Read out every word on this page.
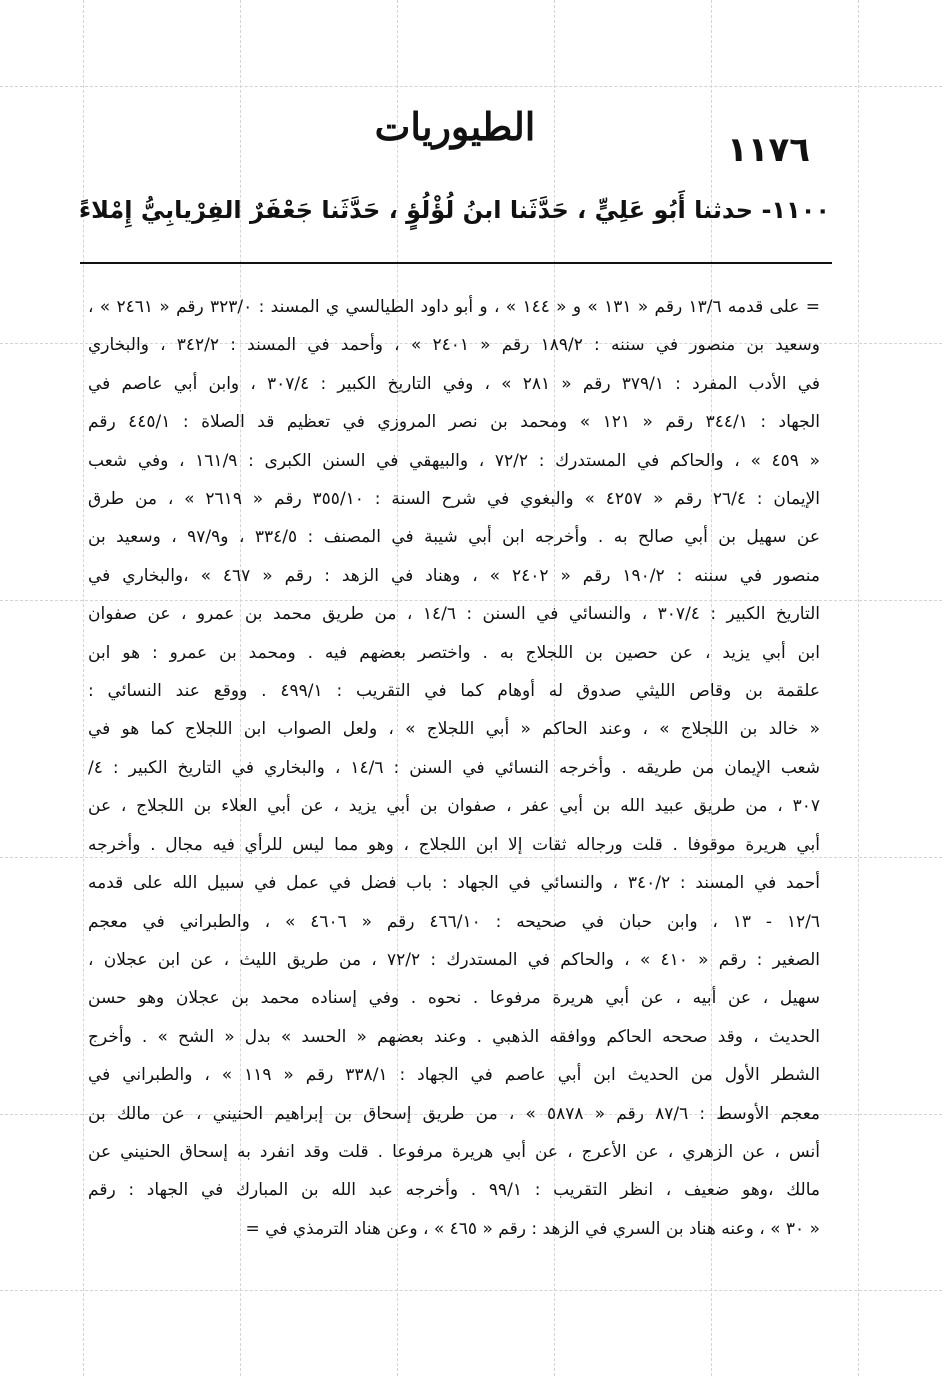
الطيوريات
١١٧٦
١١٠٠- حدثنا أَبُو عَلِيٍّ ، حَدَّثَنا ابنُ لُؤْلُؤٍ ، حَدَّثَنا جَعْفَرٌ الفِرْيابِيُّ إِمْلاءً
= على قدمه ١٣/٦ رقم « ١٣١ » و « ١٤٤ » ، و أبو داود الطيالسي ي المسند : ٣٢٣/٠ رقم « ٢٤٦١ » ،
وسعيد بن منصور في سننه : ١٨٩/٢ رقم « ٢٤٠١ » ، وأحمد في المسند : ٣٤٢/٢ ، والبخاري
في الأدب المفرد : ٣٧٩/١ رقم « ٢٨١ » ، وفي التاريخ الكبير : ٣٠٧/٤ ، وابن أبي عاصم في
الجهاد : ٣٤٤/١ رقم « ١٢١ » ومحمد بن نصر المروزي في تعظيم قد الصلاة : ٤٤٥/١ رقم
« ٤٥٩ » ، والحاكم في المستدرك : ٧٢/٢ ، والبيهقي في السنن الكبرى : ١٦١/٩ ، وفي شعب
الإيمان : ٢٦/٤ رقم « ٤٢٥٧ » والبغوي في شرح السنة : ٣٥٥/١٠ رقم « ٢٦١٩ » ، من طرق
عن سهيل بن أبي صالح به . وأخرجه ابن أبي شيبة في المصنف : ٣٣٤/٥ ، و٩٧/٩ ، وسعيد بن
منصور في سننه : ١٩٠/٢ رقم « ٢٤٠٢ » ، وهناد في الزهد : رقم « ٤٦٧ » ،والبخاري في
التاريخ الكبير : ٣٠٧/٤ ، والنسائي في السنن : ١٤/٦ ، من طريق محمد بن عمرو ، عن صفوان
ابن أبي يزيد ، عن حصين بن اللجلاج به . واختصر بعضهم فيه . ومحمد بن عمرو : هو ابن
علقمة بن وقاص الليثي صدوق له أوهام كما في التقريب : ٤٩٩/١ . ووقع عند النسائي :
« خالد بن اللجلاج » ، وعند الحاكم « أبي اللجلاج » ، ولعل الصواب ابن اللجلاج كما هو في
شعب الإيمان من طريقه . وأخرجه النسائي في السنن : ١٤/٦ ، والبخاري في التاريخ الكبير : ٤/
٣٠٧ ، من طريق عبيد الله بن أبي عفر ، صفوان بن أبي يزيد ، عن أبي العلاء بن اللجلاج ، عن
أبي هريرة موقوفا . قلت ورجاله ثقات إلا ابن اللجلاج ، وهو مما ليس للرأي فيه مجال . وأخرجه
أحمد في المسند : ٣٤٠/٢ ، والنسائي في الجهاد : باب فضل في عمل في سبيل الله على قدمه
١٢/٦ - ١٣ ، وابن حبان في صحيحه : ٤٦٦/١٠ رقم « ٤٦٠٦ » ، والطبراني في معجم
الصغير : رقم « ٤١٠ » ، والحاكم في المستدرك : ٧٢/٢ ، من طريق الليث ، عن ابن عجلان ،
سهيل ، عن أبيه ، عن أبي هريرة مرفوعا . نحوه . وفي إسناده محمد بن عجلان وهو حسن
الحديث ، وقد صححه الحاكم ووافقه الذهبي . وعند بعضهم « الحسد » بدل « الشح » . وأخرج
الشطر الأول من الحديث ابن أبي عاصم في الجهاد : ٣٣٨/١ رقم « ١١٩ » ، والطبراني في
معجم الأوسط : ٨٧/٦ رقم « ٥٨٧٨ » ، من طريق إسحاق بن إبراهيم الحنيني ، عن مالك بن
أنس ، عن الزهري ، عن الأعرج ، عن أبي هريرة مرفوعا . قلت وقد انفرد به إسحاق الحنيني عن
مالك ،وهو ضعيف ، انظر التقريب : ٩٩/١ . وأخرجه عبد الله بن المبارك في الجهاد : رقم
« ٣٠ » ، وعنه هناد بن السري في الزهد : رقم « ٤٦٥ » ، وعن هناد الترمذي في =
